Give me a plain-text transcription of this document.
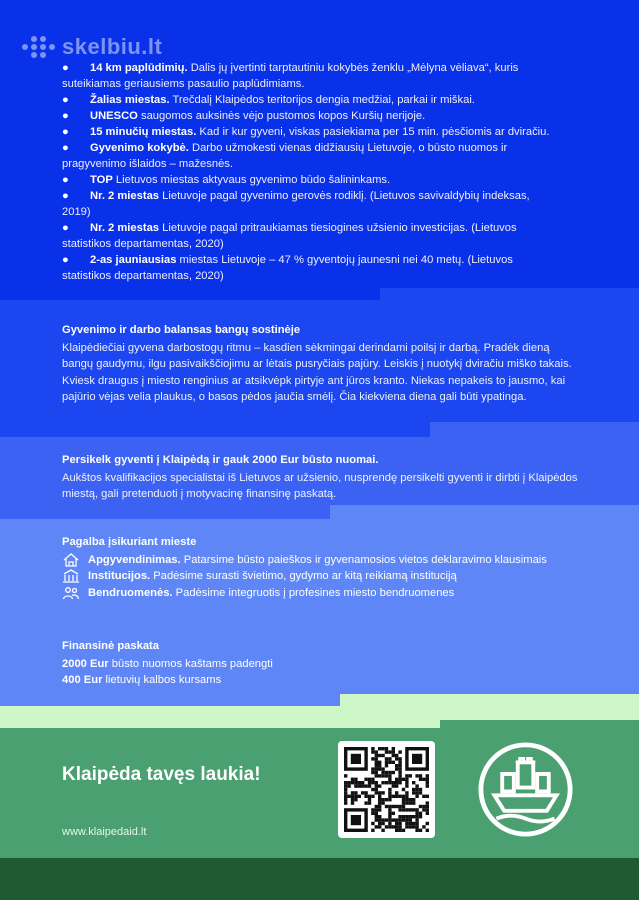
skelbiu.lt
● 14 km paplūdimių. Dalis jų įvertinti tarptautiniu kokybės ženklu „Mėlyna vėliava“, kuris
suteikiamas geriausiems pasaulio paplūdimiams.
● Žalias miestas. Trečdalį Klaipėdos teritorijos dengia medžiai, parkai ir miškai.
● UNESCO saugomos auksinės vėjo pustomos kopos Kuršių nerijoje.
● 15 minučių miestas. Kad ir kur gyveni, viskas pasiekiama per 15 min. pėsčiomis ar dviračiu.
● Gyvenimo kokybė. Darbo užmokesti vienas didžiausių Lietuvoje, o būsto nuomos ir
pragyvenimo išlaidos – mažesnės.
● TOP Lietuvos miestas aktyvaus gyvenimo būdo šalininkams.
● Nr. 2 miestas Lietuvoje pagal gyvenimo gerovės rodiklį. (Lietuvos savivaldybių indeksas,
2019)
● Nr. 2 miestas Lietuvoje pagal pritraukiamas tiesiogines užsienio investicijas. (Lietuvos
statistikos departamentas, 2020)
● 2-as jauniausias miestas Lietuvoje – 47 % gyventojų jaunesni nei 40 metų. (Lietuvos
statistikos departamentas, 2020)
Gyvenimo ir darbo balansas bangų sostinėje
Klaipėdiečiai gyvena darbostogų ritmu – kasdien sėkmingai derindami poilsį ir darbą. Pradėk dieną bangų gaudymu, ilgu pasivaikščiojimu ar lėtais pusryčiais pajūry. Leiskis į nuotykį dviračiu miško takais. Kviesk draugus į miesto renginius ar atsikvėpk pirtyje ant jūros kranto. Niekas nepakeis to jausmo, kai pajūrio vėjas velia plaukus, o basos pėdos jaučia smėlį. Čia kiekviena diena gali būti ypatinga.
Persikelk gyventi į Klaipėdą ir gauk 2000 Eur būsto nuomai.
Aukštos kvalifikacijos specialistai iš Lietuvos ar užsienio, nusprendę persikelti gyventi ir dirbti į Klaipėdos miestą, gali pretenduoti į motyvacinę finansinę paskatą.
Pagalba įsikuriant mieste
Apgyvendinimas. Patarsime būsto paieškos ir gyvenamosios vietos deklaravimo klausimais
Institucijos. Padėsime surasti švietimo, gydymo ar kitą reikiamą instituciją
Bendruomenės. Padėsime integruotis į profesines miesto bendruomenes
Finansinė paskata
2000 Eur būsto nuomos kaštams padengti
400 Eur lietuvių kalbos kursams
Klaipėda tavęs laukia!
www.klaipedaid.lt
